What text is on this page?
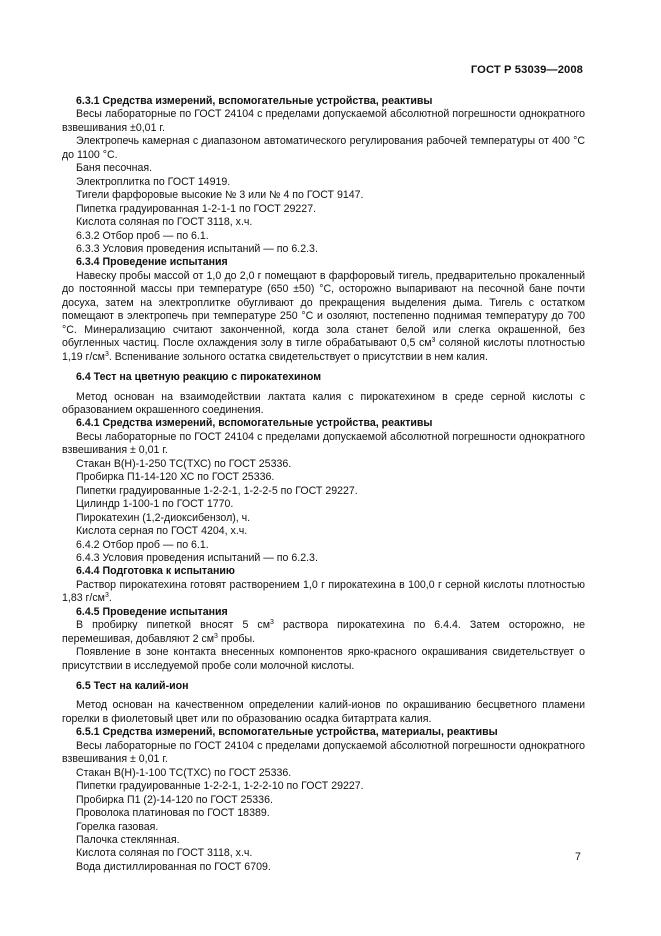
ГОСТ Р 53039—2008

6.3.1 Средства измерений, вспомогательные устройства, реактивы

Весы лабораторные по ГОСТ 24104 с пределами допускаемой абсолютной погрешности однократного взвешивания ±0,01 г.

Электропечь камерная с диапазоном автоматического регулирования рабочей температуры от 400 °С до 1100 °С.

Баня песочная.

Электроплитка по ГОСТ 14919.

Тигели фарфоровые высокие № 3 или № 4 по ГОСТ 9147.

Пипетка градуированная 1-2-1-1 по ГОСТ 29227.

Кислота соляная по ГОСТ 3118, х.ч.

6.3.2 Отбор проб — по 6.1.

6.3.3 Условия проведения испытаний — по 6.2.3.

6.3.4 Проведение испытания

Навеску пробы массой от 1,0 до 2,0 г помещают в фарфоровый тигель, предварительно прокаленный до постоянной массы при температуре (650 ±50) °С, осторожно выпаривают на песочной бане почти досуха, затем на электроплитке обугливают до прекращения выделения дыма. Тигель с остатком помещают в электропечь при температуре 250 °С и озоляют, постепенно поднимая температуру до 700 °С. Минерализацию считают законченной, когда зола станет белой или слегка окрашенной, без обугленных частиц. После охлаждения золу в тигле обрабатывают 0,5 $см^3$ соляной кислоты плотностью 1,19 $г/см^3$. Вспенивание зольного остатка свидетельствует о присутствии в нем калия.

6.4 Тест на цветную реакцию с пирокатехином

Метод основан на взаимодействии лактата калия с пирокатехином в среде серной кислоты с образованием окрашенного соединения.

6.4.1 Средства измерений, вспомогательные устройства, реактивы

Весы лабораторные по ГОСТ 24104 с пределами допускаемой абсолютной погрешности однократного взвешивания ± 0,01 г.

Стакан В(Н)-1-250 ТС(ТХС) по ГОСТ 25336.

Пробирка П1-14-120 ХС по ГОСТ 25336.

Пипетки градуированные 1-2-2-1, 1-2-2-5 по ГОСТ 29227.

Цилиндр 1-100-1 по ГОСТ 1770.

Пирокатехин (1,2-диоксибензол), ч.

Кислота серная по ГОСТ 4204, х.ч.

6.4.2 Отбор проб — по 6.1.

6.4.3 Условия проведения испытаний — по 6.2.3.

6.4.4 Подготовка к испытанию

Раствор пирокатехина готовят растворением 1,0 г пирокатехина в 100,0 г серной кислоты плотностью 1,83 $г/см^3$.

6.4.5 Проведение испытания

В пробирку пипеткой вносят 5 $см^3$ раствора пирокатехина по 6.4.4. Затем осторожно, не перемешивая, добавляют 2 $см^3$ пробы.

Появление в зоне контакта внесенных компонентов ярко-красного окрашивания свидетельствует о присутствии в исследуемой пробе соли молочной кислоты.

6.5 Тест на калий-ион

Метод основан на качественном определении калий-ионов по окрашиванию бесцветного пламени горелки в фиолетовый цвет или по образованию осадка битартрата калия.

6.5.1 Средства измерений, вспомогательные устройства, материалы, реактивы

Весы лабораторные по ГОСТ 24104 с пределами допускаемой абсолютной погрешности однократного взвешивания ± 0,01 г.

Стакан В(Н)-1-100 ТС(ТХС) по ГОСТ 25336.

Пипетки градуированные 1-2-2-1, 1-2-2-10 по ГОСТ 29227.

Пробирка П1 (2)-14-120 по ГОСТ 25336.

Проволока платиновая по ГОСТ 18389.

Горелка газовая.

Палочка стеклянная.

Кислота соляная по ГОСТ 3118, х.ч.

Вода дистиллированная по ГОСТ 6709.

7
